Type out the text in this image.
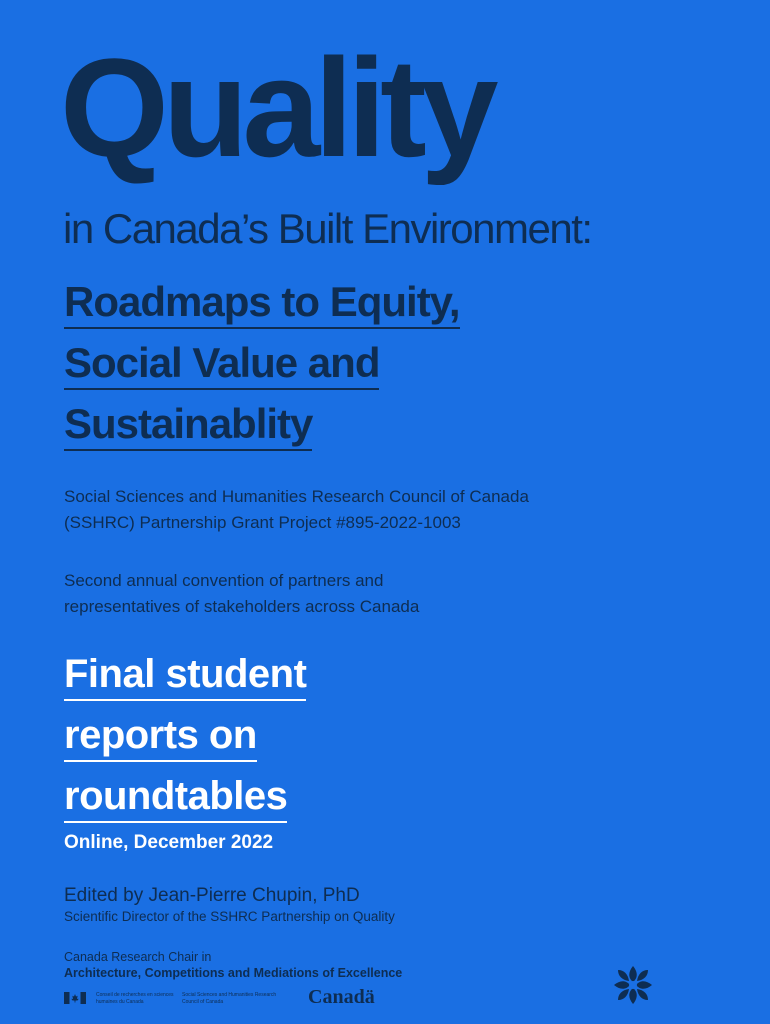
Quality
in Canada’s Built Environment:
Roadmaps to Equity,
Social Value and
Sustainablity
Social Sciences and Humanities Research Council of Canada
(SSHRC) Partnership Grant Project #895-2022-1003
Second annual convention of partners and
representatives of stakeholders across Canada
Final student
reports on
roundtables
Online, December 2022
Edited by Jean-Pierre Chupin, PhD
Scientific Director of the SSHRC Partnership on Quality
Canada Research Chair in
Architecture, Competitions and Mediations of Excellence
Conseil de recherches en sciences humaines du Canada
Social Sciences and Humanities Research Council of Canada	Canadä
